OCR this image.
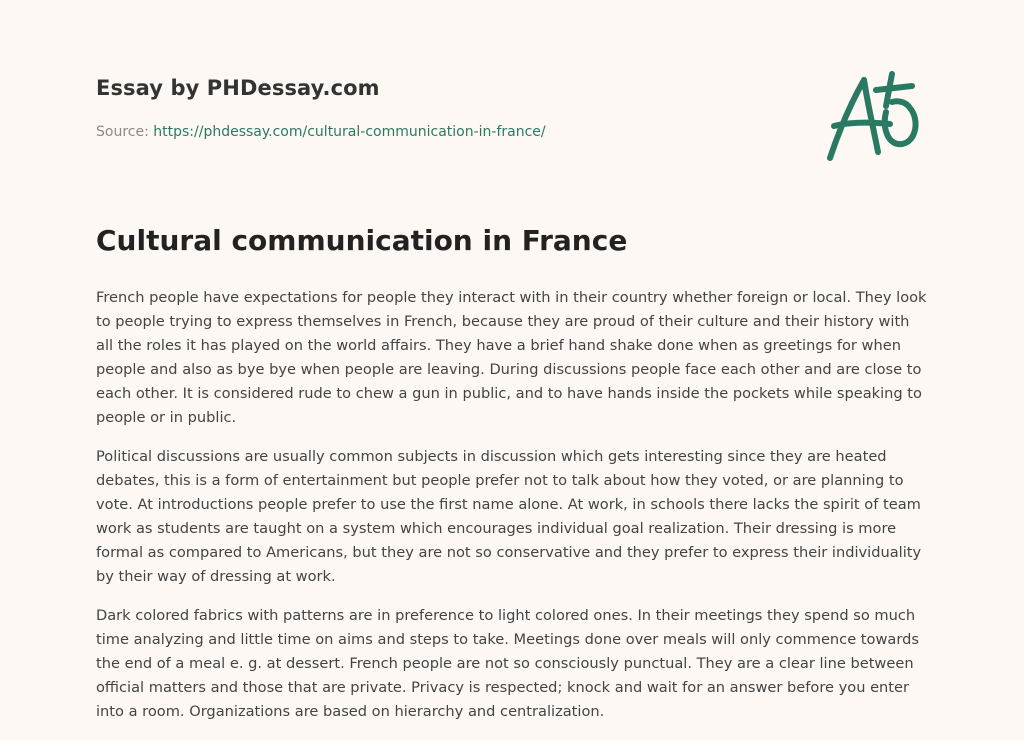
Essay by PHDessay.com
Source: https://phdessay.com/cultural-communication-in-france/
Cultural communication in France

French people have expectations for people they interact with in their country whether foreign or local. They look to people trying to express themselves in French, because they are proud of their culture and their history with all the roles it has played on the world affairs. They have a brief hand shake done when as greetings for when people and also as bye bye when people are leaving. During discussions people face each other and are close to each other. It is considered rude to chew a gun in public, and to have hands inside the pockets while speaking to people or in public.

Political discussions are usually common subjects in discussion which gets interesting since they are heated debates, this is a form of entertainment but people prefer not to talk about how they voted, or are planning to vote. At introductions people prefer to use the first name alone. At work, in schools there lacks the spirit of team work as students are taught on a system which encourages individual goal realization. Their dressing is more formal as compared to Americans, but they are not so conservative and they prefer to express their individuality by their way of dressing at work.

Dark colored fabrics with patterns are in preference to light colored ones. In their meetings they spend so much time analyzing and little time on aims and steps to take. Meetings done over meals will only commence towards the end of a meal e. g. at dessert. French people are not so consciously punctual. They are a clear line between official matters and those that are private. Privacy is respected; knock and wait for an answer before you enter into a room. Organizations are based on hierarchy and centralization.
